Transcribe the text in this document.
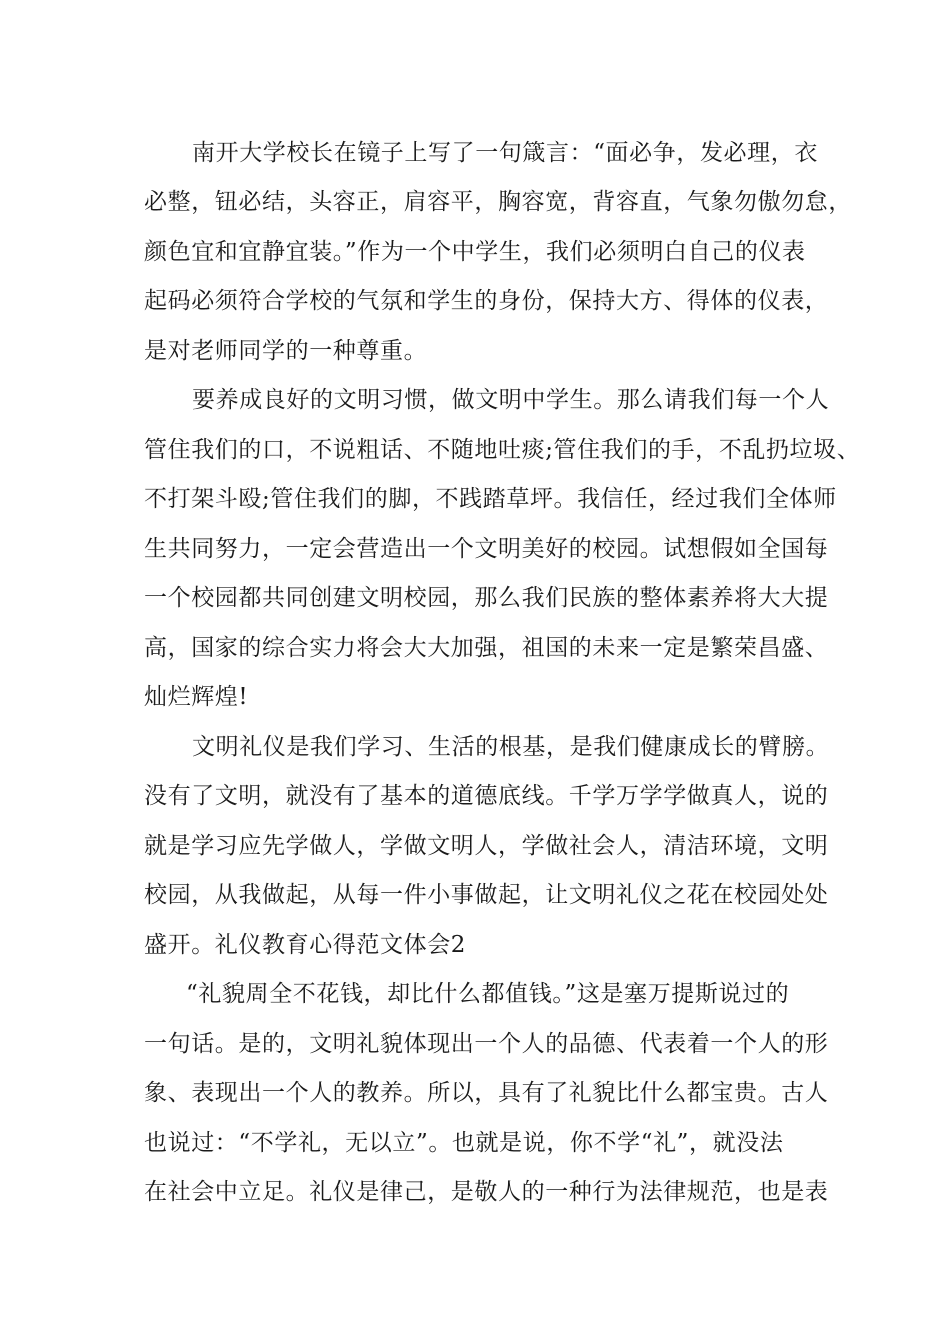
南开大学校长在镜子上写了一句箴言：“面必争，发必理，衣
必整，钮必结，头容正，肩容平，胸容宽，背容直，气象勿傲勿怠，
颜色宜和宜静宜装。”作为一个中学生，我们必须明白自己的仪表
起码必须符合学校的气氛和学生的身份，保持大方、得体的仪表，
是对老师同学的一种尊重。
要养成良好的文明习惯，做文明中学生。那么请我们每一个人
管住我们的口，不说粗话、不随地吐痰;管住我们的手，不乱扔垃圾、
不打架斗殴;管住我们的脚，不践踏草坪。我信任，经过我们全体师
生共同努力，一定会营造出一个文明美好的校园。试想假如全国每
一个校园都共同创建文明校园，那么我们民族的整体素养将大大提
高，国家的综合实力将会大大加强，祖国的未来一定是繁荣昌盛、
灿烂辉煌!
文明礼仪是我们学习、生活的根基，是我们健康成长的臂膀。
没有了文明，就没有了基本的道德底线。千学万学学做真人，说的
就是学习应先学做人，学做文明人，学做社会人，清洁环境，文明
校园，从我做起，从每一件小事做起，让文明礼仪之花在校园处处
盛开。礼仪教育心得范文体会2
“礼貌周全不花钱，却比什么都值钱。”这是塞万提斯说过的
一句话。是的，文明礼貌体现出一个人的品德、代表着一个人的形
象、表现出一个人的教养。所以，具有了礼貌比什么都宝贵。古人
也说过：“不学礼，无以立”。也就是说，你不学“礼”，就没法
在社会中立足。礼仪是律己，是敬人的一种行为法律规范，也是表
